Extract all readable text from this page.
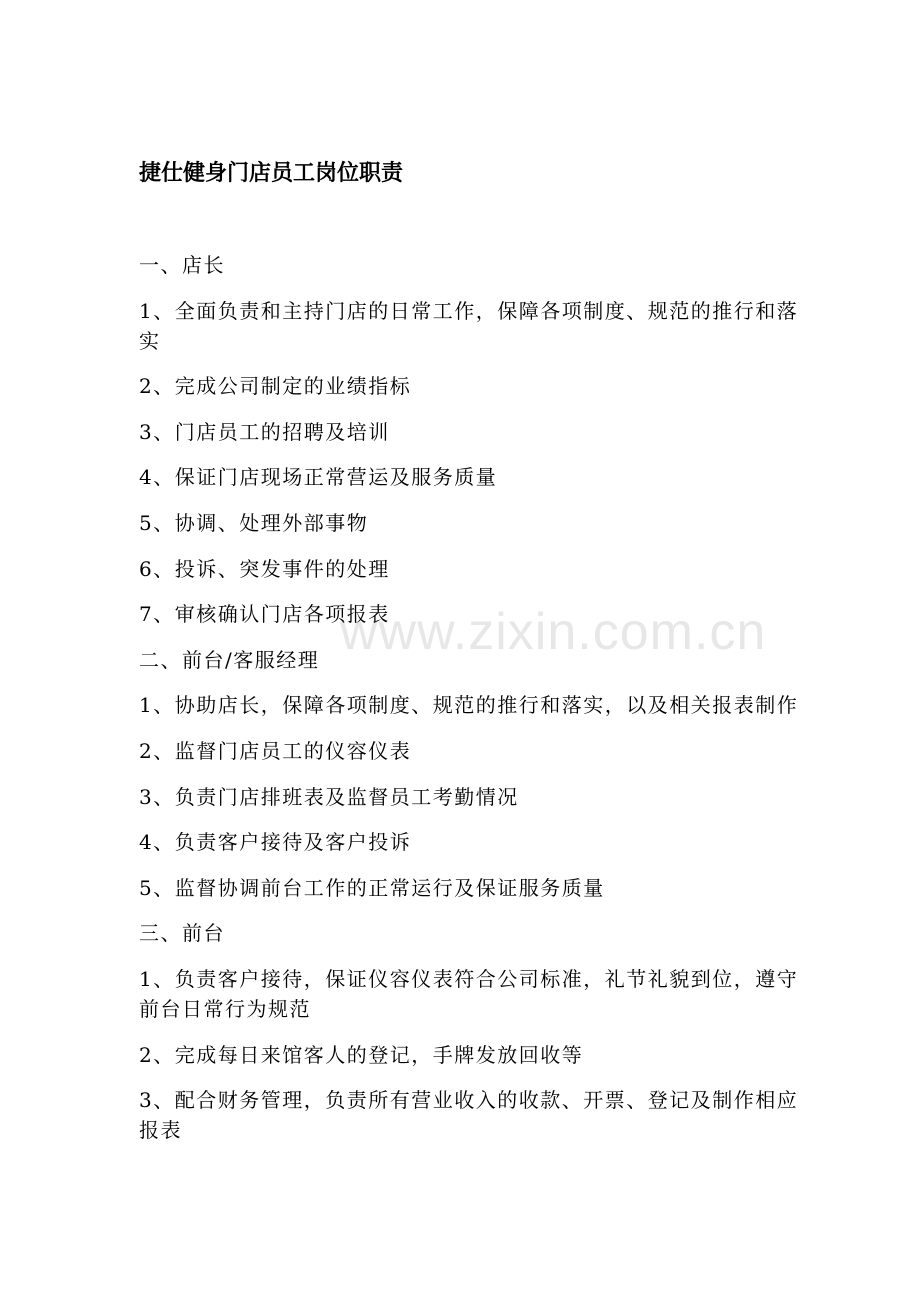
捷仕健身门店员工岗位职责

一、店长

1、全面负责和主持门店的日常工作，保障各项制度、规范的推行和落实

2、完成公司制定的业绩指标

3、门店员工的招聘及培训

4、保证门店现场正常营运及服务质量

5、协调、处理外部事物

6、投诉、突发事件的处理

7、审核确认门店各项报表

二、前台/客服经理

1、协助店长，保障各项制度、规范的推行和落实，以及相关报表制作

2、监督门店员工的仪容仪表

3、负责门店排班表及监督员工考勤情况

4、负责客户接待及客户投诉

5、监督协调前台工作的正常运行及保证服务质量

三、前台

1、负责客户接待，保证仪容仪表符合公司标准，礼节礼貌到位，遵守前台日常行为规范

2、完成每日来馆客人的登记，手牌发放回收等

3、配合财务管理，负责所有营业收入的收款、开票、登记及制作相应报表

www.zixin.com.cn
